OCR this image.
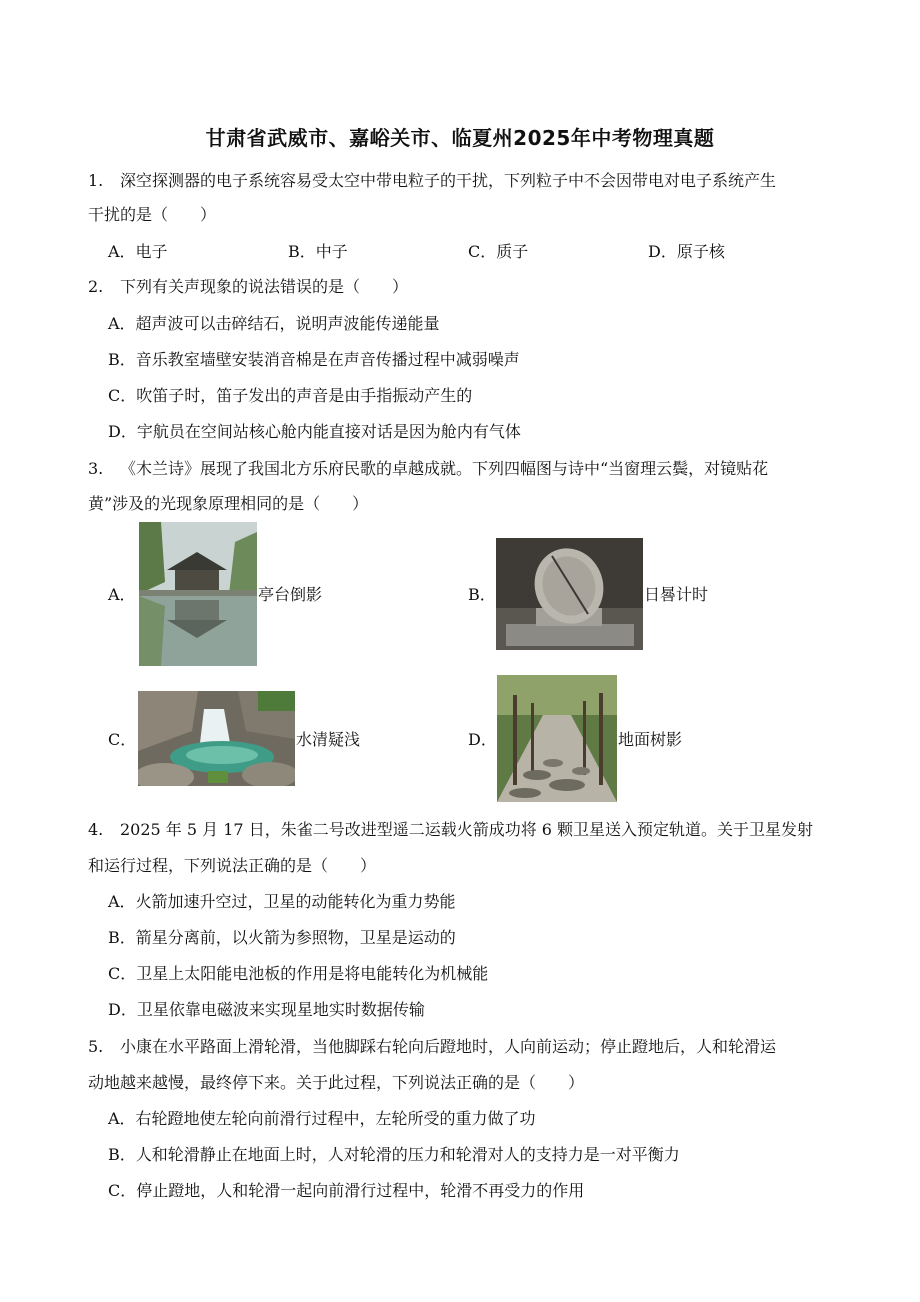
甘肃省武威市、嘉峪关市、临夏州2025年中考物理真题
1. 深空探测器的电子系统容易受太空中带电粒子的干扰，下列粒子中不会因带电对电子系统产生
干扰的是（　　）
A．电子	B．中子	C．质子	D．原子核
2. 下列有关声现象的说法错误的是（　　）
A．超声波可以击碎结石，说明声波能传递能量
B．音乐教室墙壁安装消音棉是在声音传播过程中减弱噪声
C．吹笛子时，笛子发出的声音是由手指振动产生的
D．宇航员在空间站核心舱内能直接对话是因为舱内有气体
3. 《木兰诗》展现了我国北方乐府民歌的卓越成就。下列四幅图与诗中“当窗理云鬓，对镜贴花
黄”涉及的光现象原理相同的是（　　）
A．	亭台倒影	B．	日晷计时
C．	水清疑浅	D．	地面树影
4. 2025 年 5 月 17 日，朱雀二号改进型遥二运载火箭成功将 6 颗卫星送入预定轨道。关于卫星发射
和运行过程，下列说法正确的是（　　）
A．火箭加速升空过，卫星的动能转化为重力势能
B．箭星分离前，以火箭为参照物，卫星是运动的
C．卫星上太阳能电池板的作用是将电能转化为机械能
D．卫星依靠电磁波来实现星地实时数据传输
5. 小康在水平路面上滑轮滑，当他脚踩右轮向后蹬地时，人向前运动；停止蹬地后，人和轮滑运
动地越来越慢，最终停下来。关于此过程，下列说法正确的是（　　）
A．右轮蹬地使左轮向前滑行过程中，左轮所受的重力做了功
B．人和轮滑静止在地面上时，人对轮滑的压力和轮滑对人的支持力是一对平衡力
C．停止蹬地，人和轮滑一起向前滑行过程中，轮滑不再受力的作用
